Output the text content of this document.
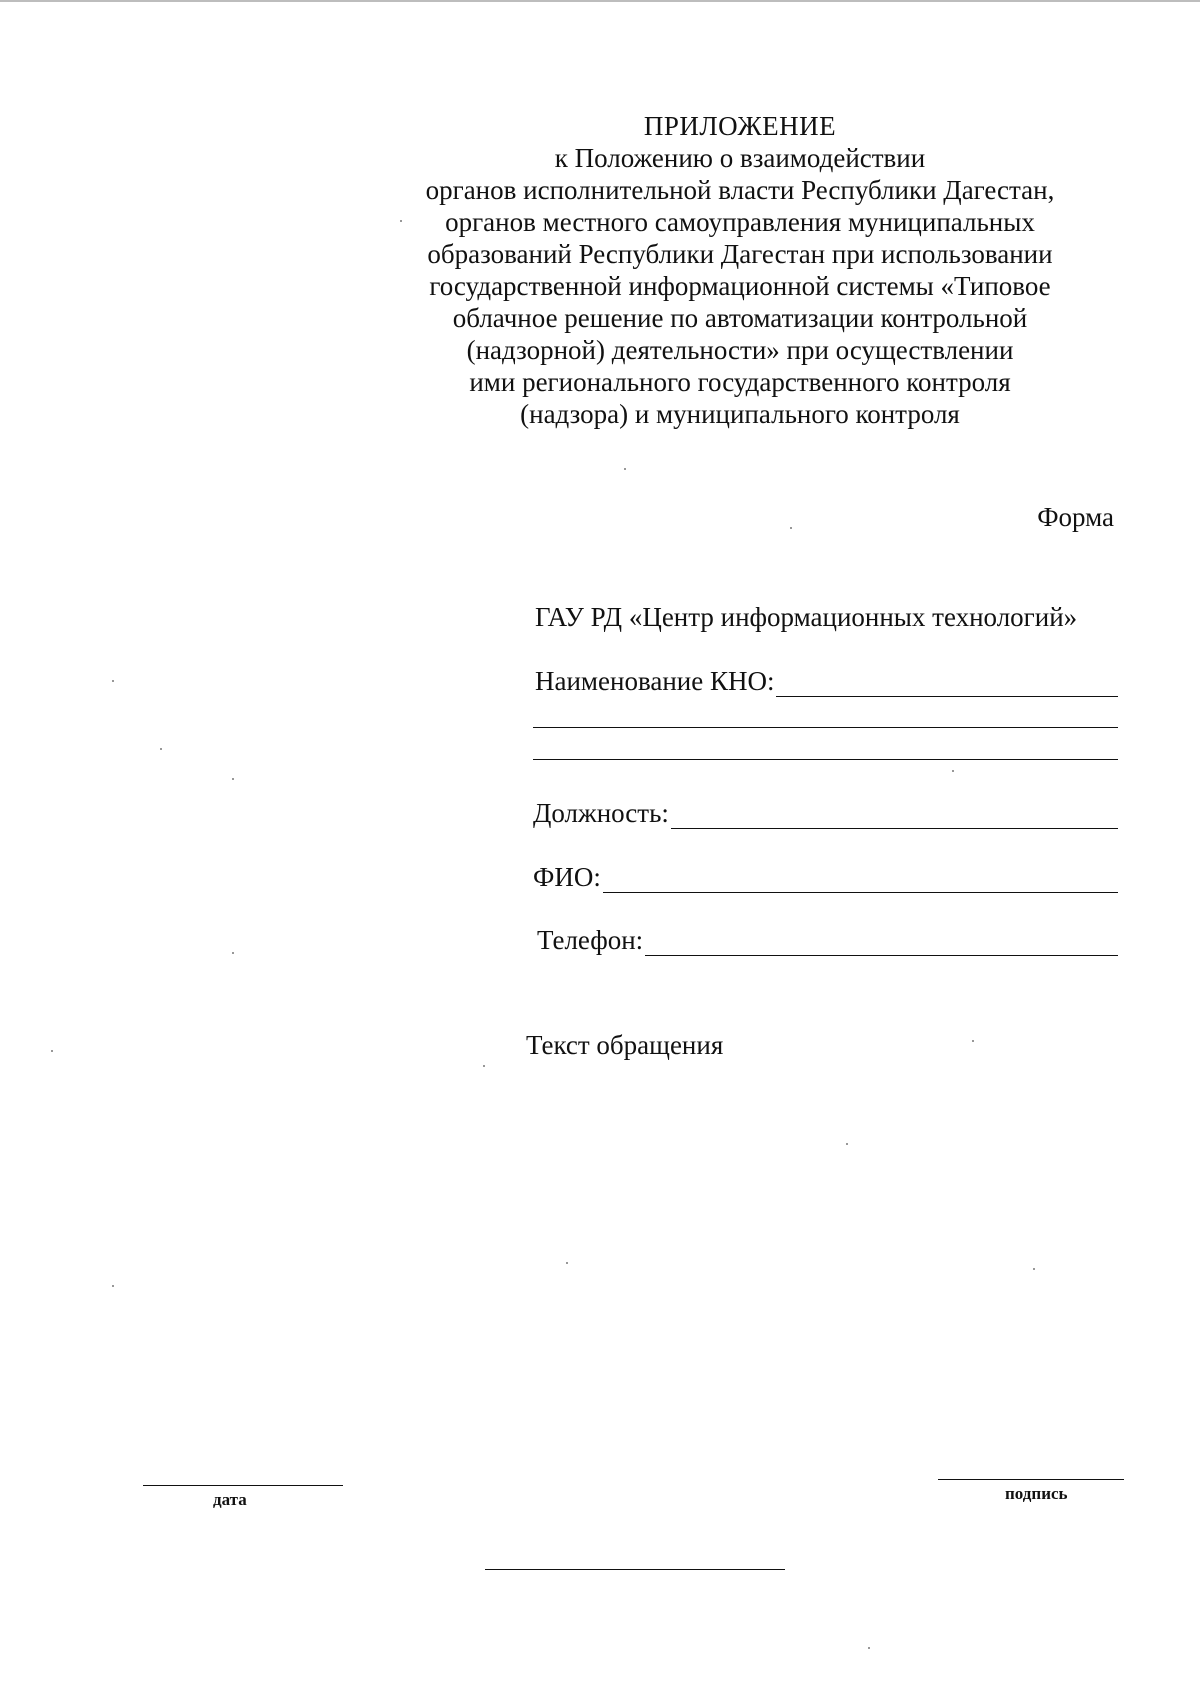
ПРИЛОЖЕНИЕ
к Положению о взаимодействии
органов исполнительной власти Республики Дагестан,
органов местного самоуправления муниципальных
образований Республики Дагестан при использовании
государственной информационной системы «Типовое
облачное решение по автоматизации контрольной
(надзорной) деятельности» при осуществлении
ими регионального государственного контроля
(надзора) и муниципального контроля
Форма
ГАУ РД «Центр информационных технологий»
Наименование КНО:
Должность:
ФИО:
Телефон:
Текст обращения
дата	подпись
